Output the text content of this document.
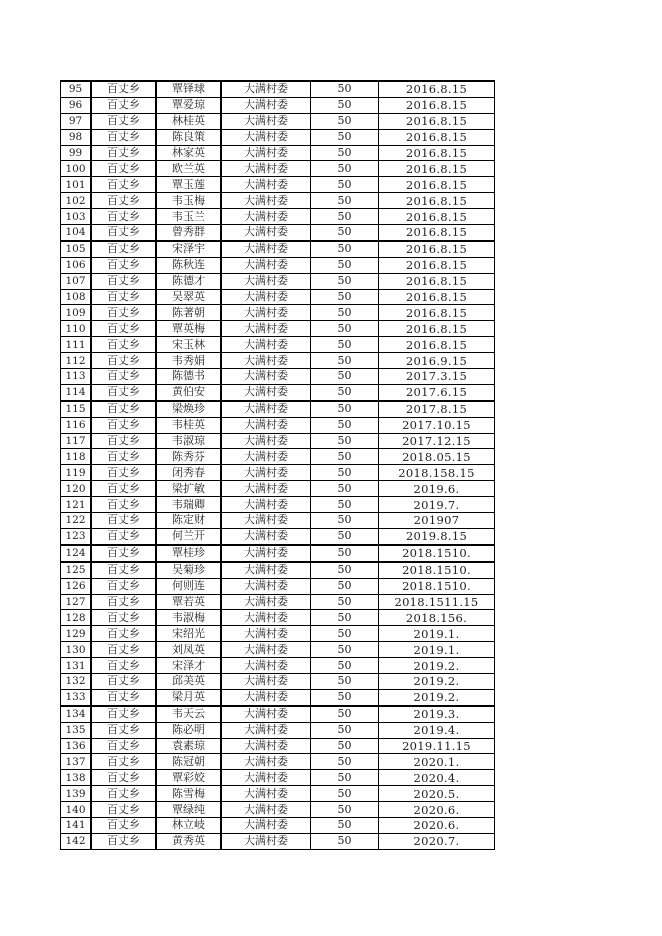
95	百丈乡	覃铎球	大满村委	50	2016.8.15
96	百丈乡	覃爱琼	大满村委	50	2016.8.15
97	百丈乡	林桂英	大满村委	50	2016.8.15
98	百丈乡	陈良策	大满村委	50	2016.8.15
99	百丈乡	林家英	大满村委	50	2016.8.15
100	百丈乡	欧兰英	大满村委	50	2016.8.15
101	百丈乡	覃玉莲	大满村委	50	2016.8.15
102	百丈乡	韦玉梅	大满村委	50	2016.8.15
103	百丈乡	韦玉兰	大满村委	50	2016.8.15
104	百丈乡	曾秀群	大满村委	50	2016.8.15
105	百丈乡	宋泽宇	大满村委	50	2016.8.15
106	百丈乡	陈秋连	大满村委	50	2016.8.15
107	百丈乡	陈德才	大满村委	50	2016.8.15
108	百丈乡	吴翠英	大满村委	50	2016.8.15
109	百丈乡	陈著朝	大满村委	50	2016.8.15
110	百丈乡	覃英梅	大满村委	50	2016.8.15
111	百丈乡	宋玉林	大满村委	50	2016.8.15
112	百丈乡	韦秀娟	大满村委	50	2016.9.15
113	百丈乡	陈德书	大满村委	50	2017.3.15
114	百丈乡	黄伯安	大满村委	50	2017.6.15
115	百丈乡	梁焕珍	大满村委	50	2017.8.15
116	百丈乡	韦桂英	大满村委	50	2017.10.15
117	百丈乡	韦淑琼	大满村委	50	2017.12.15
118	百丈乡	陈秀芬	大满村委	50	2018.05.15
119	百丈乡	闭秀春	大满村委	50	2018.158.15
120	百丈乡	梁扩敏	大满村委	50	2019.6.
121	百丈乡	韦瑞卿	大满村委	50	2019.7.
122	百丈乡	陈定财	大满村委	50	201907
123	百丈乡	何兰开	大满村委	50	2019.8.15
124	百丈乡	覃桂珍	大满村委	50	2018.1510.
125	百丈乡	吴菊珍	大满村委	50	2018.1510.
126	百丈乡	何则连	大满村委	50	2018.1510.
127	百丈乡	覃若英	大满村委	50	2018.1511.15
128	百丈乡	韦淑梅	大满村委	50	2018.156.
129	百丈乡	宋绍光	大满村委	50	2019.1.
130	百丈乡	刘凤英	大满村委	50	2019.1.
131	百丈乡	宋泽才	大满村委	50	2019.2.
132	百丈乡	邱美英	大满村委	50	2019.2.
133	百丈乡	梁月英	大满村委	50	2019.2.
134	百丈乡	韦天云	大满村委	50	2019.3.
135	百丈乡	陈必明	大满村委	50	2019.4.
136	百丈乡	袁素琼	大满村委	50	2019.11.15
137	百丈乡	陈冠朝	大满村委	50	2020.1.
138	百丈乡	覃彩姣	大满村委	50	2020.4.
139	百丈乡	陈雪梅	大满村委	50	2020.5.
140	百丈乡	覃绿纯	大满村委	50	2020.6.
141	百丈乡	林立岐	大满村委	50	2020.6.
142	百丈乡	黄秀英	大满村委	50	2020.7.
